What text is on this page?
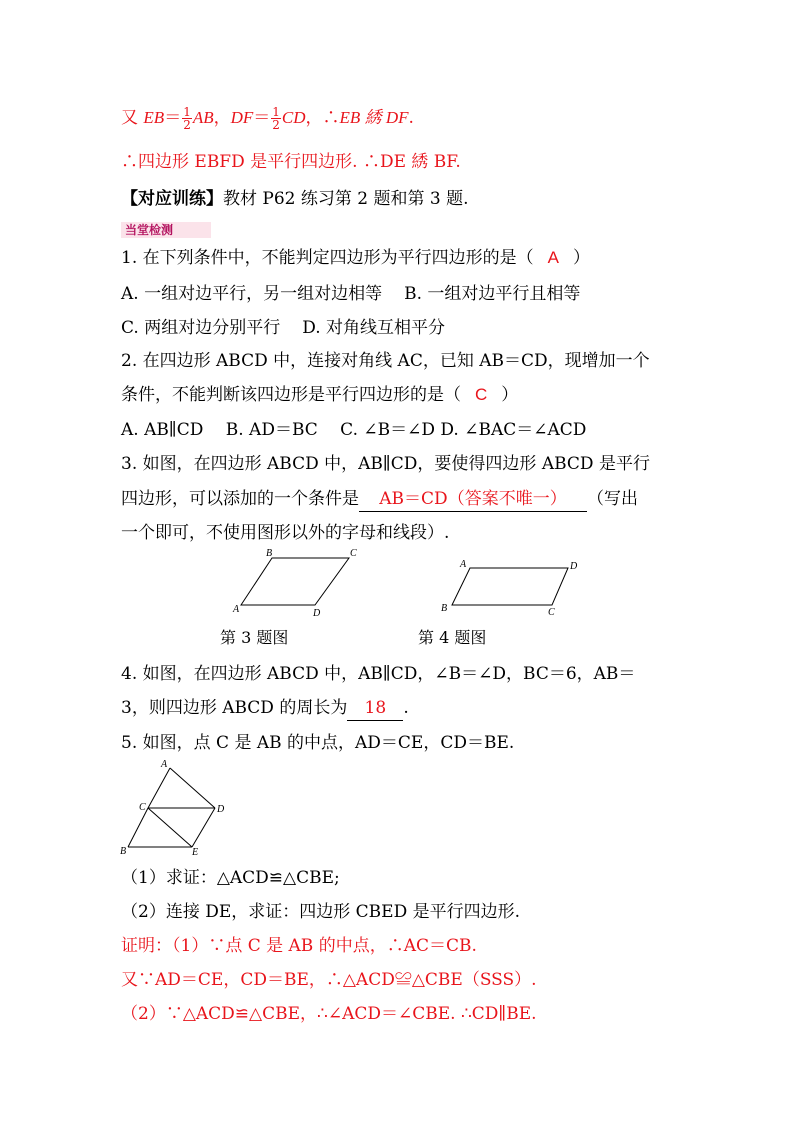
又 $EB= \frac{1}{2}$ AB，$DF= \frac{1}{2}$ CD，∴EB 綉 DF.
∴四边形 EBFD 是平行四边形. ∴DE 綉 BF.
【对应训练】教材 P62 练习第 2 题和第 3 题.
当堂检测
1. 在下列条件中，不能判定四边形为平行四边形的是（ A ）
A. 一组对边平行，另一组对边相等 B. 一组对边平行且相等
C. 两组对边分别平行 D. 对角线互相平分
2. 在四边形 ABCD 中，连接对角线 AC，已知 AB＝CD，现增加一个
条件，不能判断该四边形是平行四边形的是（ C ）
A. AB∥CD　 B. AD＝BC　 C. ∠B＝∠D D. ∠BAC＝∠ACD
3. 如图，在四边形 ABCD 中，AB∥CD，要使得四边形 ABCD 是平行
四边形，可以添加的一个条件是 AB＝CD（答案不唯一） （写出
一个即可，不使用图形以外的字母和线段）.
B	C
A	D
第 3 题图
A	D
B	C
第 4 题图
4. 如图，在四边形 ABCD 中，AB∥CD，∠B＝∠D，BC＝6，AB＝
3，则四边形 ABCD 的周长为 18 .
5. 如图，点 C 是 AB 的中点，AD＝CE，CD＝BE.
A
C	D
B	E
（1）求证：△ACD≌△CBE;
（2）连接 DE，求证：四边形 CBED 是平行四边形.
证明：（1）∵点 C 是 AB 的中点，∴AC＝CB.
又∵AD＝CE，CD＝BE，∴△ACD≌△CBE（SSS）.
（2）∵△ACD≌△CBE，∴∠ACD＝∠CBE. ∴CD∥BE.
